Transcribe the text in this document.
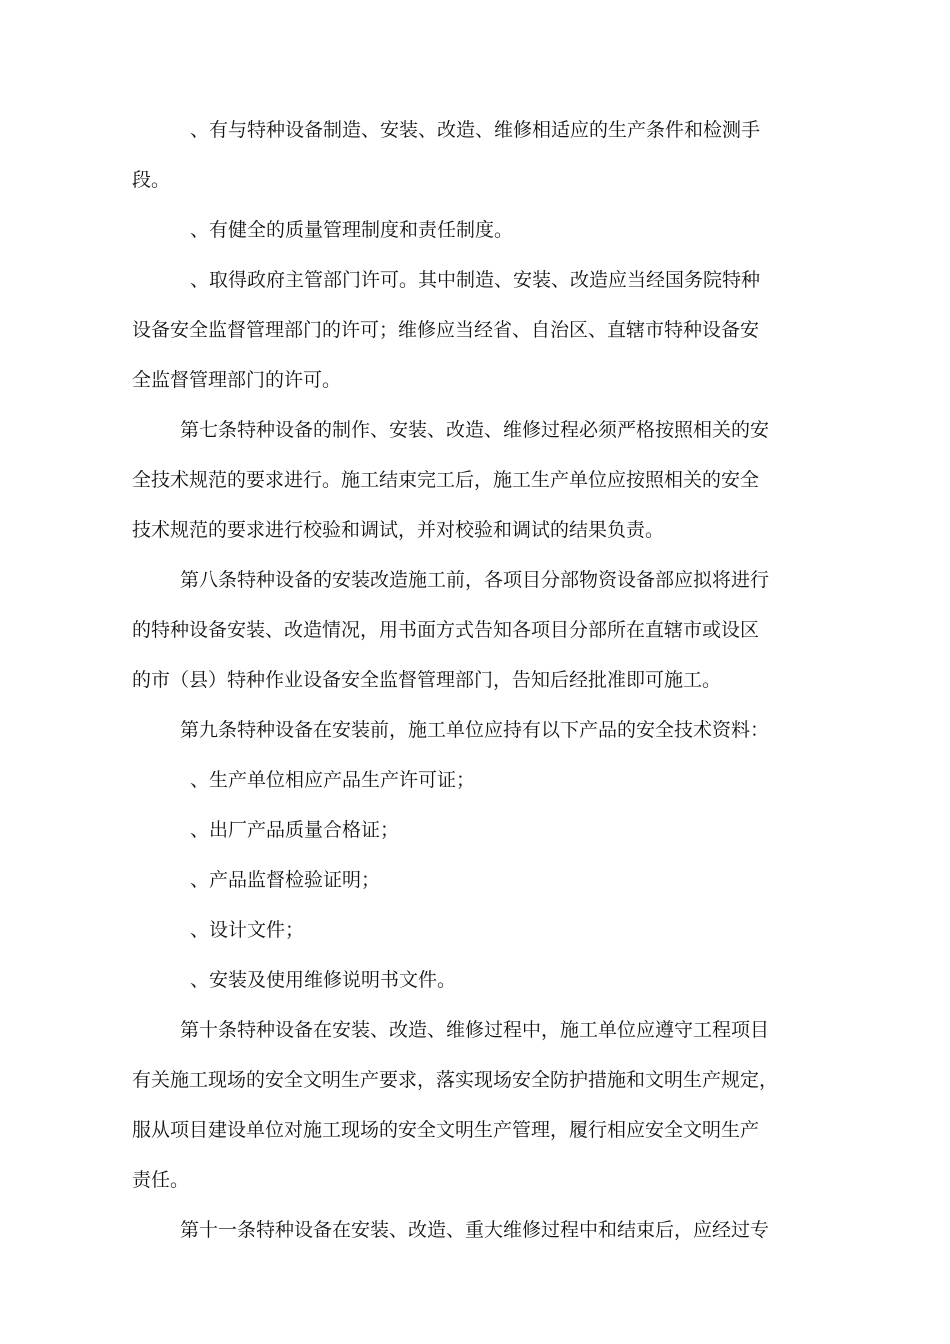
、有与特种设备制造、安装、改造、维修相适应的生产条件和检测手
段。
、有健全的质量管理制度和责任制度。
、取得政府主管部门许可。其中制造、安装、改造应当经国务院特种
设备安全监督管理部门的许可；维修应当经省、自治区、直辖市特种设备安
全监督管理部门的许可。
第七条特种设备的制作、安装、改造、维修过程必须严格按照相关的安
全技术规范的要求进行。施工结束完工后，施工生产单位应按照相关的安全
技术规范的要求进行校验和调试，并对校验和调试的结果负责。
第八条特种设备的安装改造施工前，各项目分部物资设备部应拟将进行
的特种设备安装、改造情况，用书面方式告知各项目分部所在直辖市或设区
的市（县）特种作业设备安全监督管理部门，告知后经批准即可施工。
第九条特种设备在安装前，施工单位应持有以下产品的安全技术资料：
、生产单位相应产品生产许可证；
、出厂产品质量合格证；
、产品监督检验证明；
、设计文件；
、安装及使用维修说明书文件。
第十条特种设备在安装、改造、维修过程中，施工单位应遵守工程项目
有关施工现场的安全文明生产要求，落实现场安全防护措施和文明生产规定，
服从项目建设单位对施工现场的安全文明生产管理，履行相应安全文明生产
责任。
第十一条特种设备在安装、改造、重大维修过程中和结束后，应经过专
